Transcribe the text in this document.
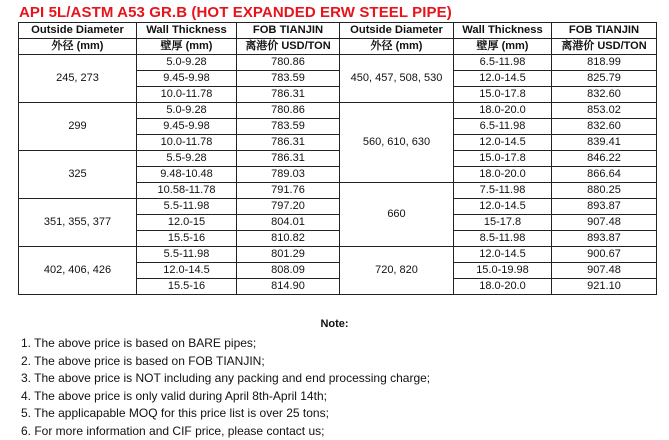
API 5L/ASTM A53 GR.B (HOT EXPANDED ERW STEEL PIPE)
Outside Diameter	Wall Thickness	FOB TIANJIN	Outside Diameter	Wall Thickness	FOB TIANJIN
外径 (mm)	壁厚 (mm)	离港价 USD/TON	外径 (mm)	壁厚 (mm)	离港价 USD/TON
245, 273	5.0-9.28	780.86	450, 457, 508, 530	6.5-11.98	818.99
	9.45-9.98	783.59		12.0-14.5	825.79
	10.0-11.78	786.31		15.0-17.8	832.60
299	5.0-9.28	780.86	560, 610, 630	18.0-20.0	853.02
	9.45-9.98	783.59		6.5-11.98	832.60
	10.0-11.78	786.31		12.0-14.5	839.41
325	5.5-9.28	786.31		15.0-17.8	846.22
	9.48-10.48	789.03		18.0-20.0	866.64
	10.58-11.78	791.76	660	7.5-11.98	880.25
351, 355, 377	5.5-11.98	797.20		12.0-14.5	893.87
	12.0-15	804.01		15-17.8	907.48
	15.5-16	810.82		8.5-11.98	893.87
402, 406, 426	5.5-11.98	801.29	720, 820	12.0-14.5	900.67
	12.0-14.5	808.09		15.0-19.98	907.48
	15.5-16	814.90		18.0-20.0	921.10
Note:
1. The above price is based on BARE pipes;
2. The above price is based on FOB TIANJIN;
3. The above price is NOT including any packing and end processing charge;
4. The above price is only valid during April 8th-April 14th;
5. The applicapable MOQ for this price list is over 25 tons;
6. For more information and CIF price, please contact us;
